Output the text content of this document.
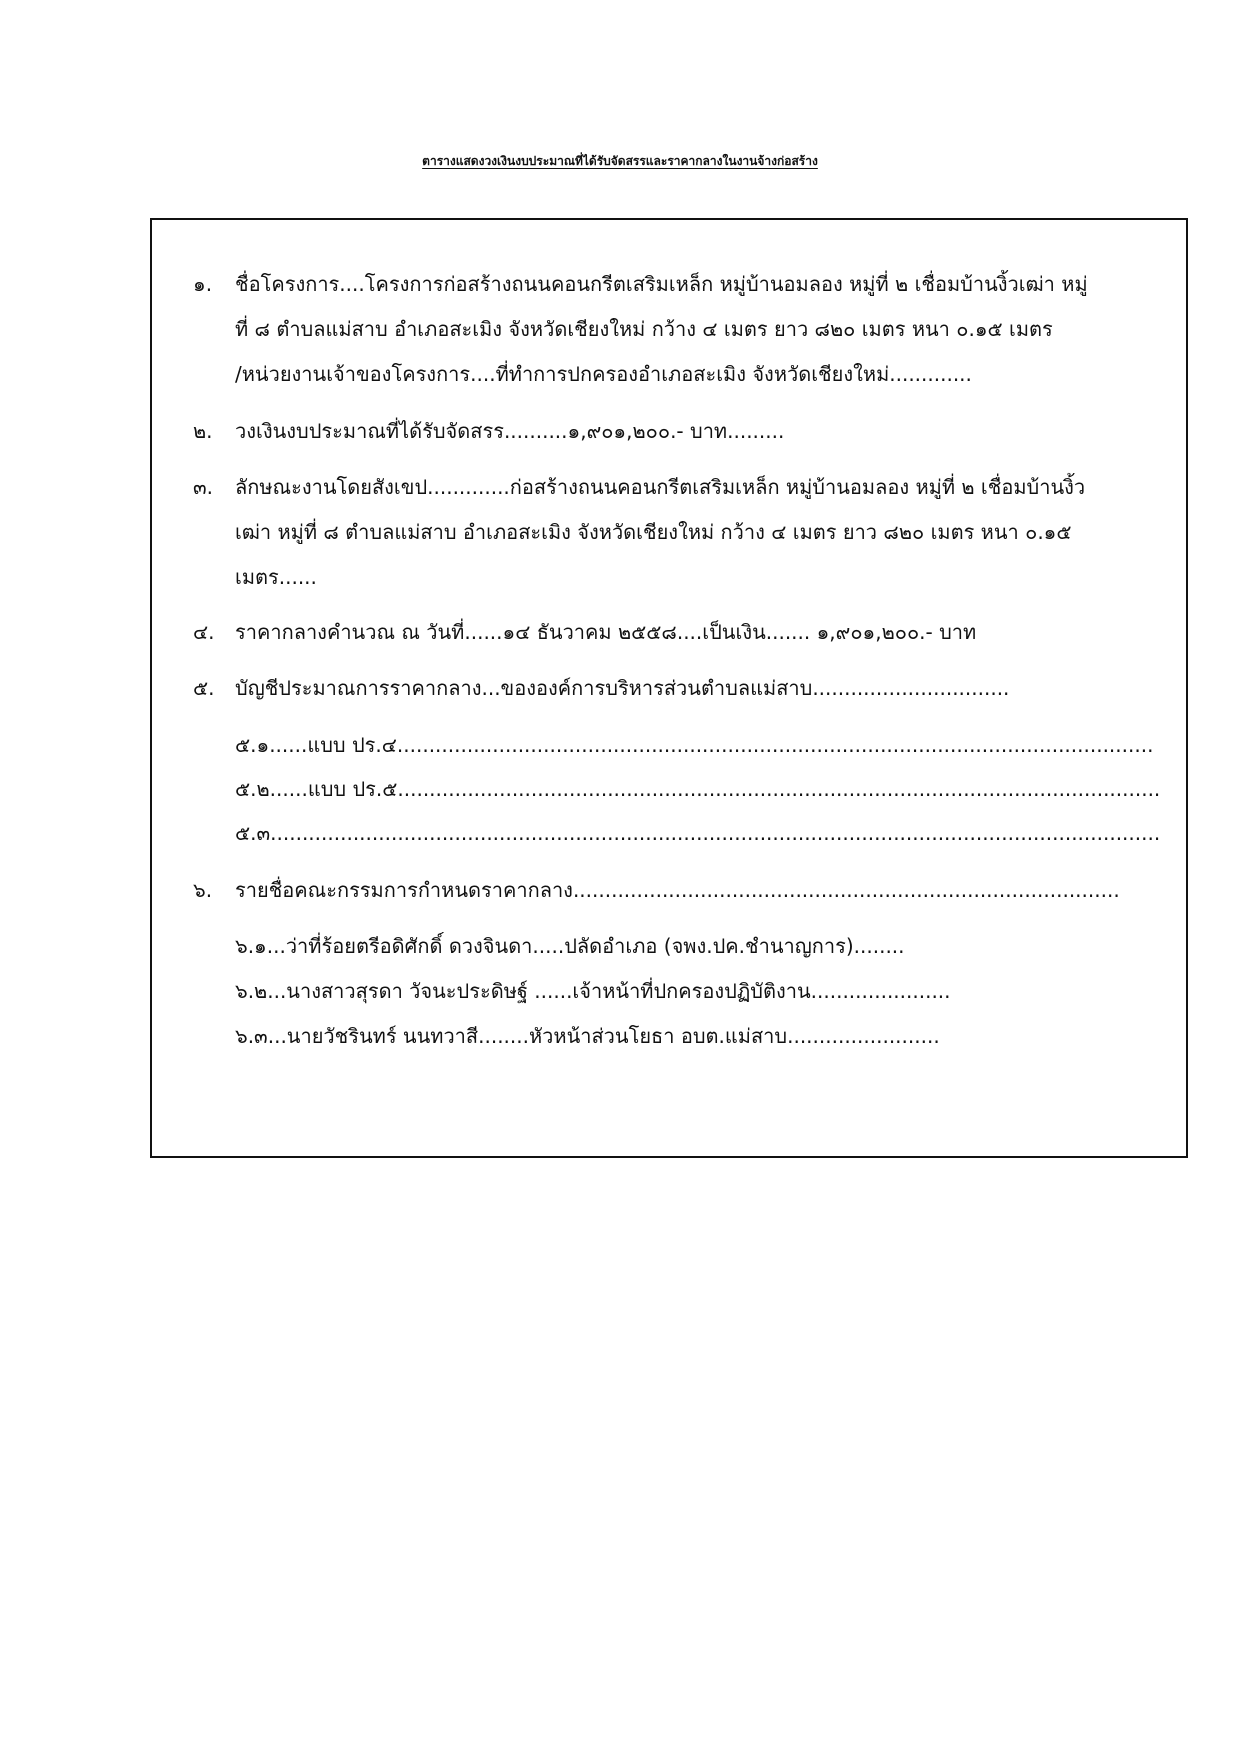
ตารางแสดงวงเงินงบประมาณที่ได้รับจัดสรรและราคากลางในงานจ้างก่อสร้าง
๑. ชื่อโครงการ....โครงการก่อสร้างถนนคอนกรีตเสริมเหล็ก หมู่บ้านอมลอง หมู่ที่ ๒ เชื่อมบ้านงิ้วเฒ่า หมู่
ที่ ๘ ตำบลแม่สาบ อำเภอสะเมิง จังหวัดเชียงใหม่ กว้าง ๔ เมตร ยาว ๘๒๐ เมตร หนา ๐.๑๕ เมตร
/หน่วยงานเจ้าของโครงการ....ที่ทำการปกครองอำเภอสะเมิง จังหวัดเชียงใหม่.............
๒. วงเงินงบประมาณที่ได้รับจัดสรร..........๑,๙๐๑,๒๐๐.- บาท.........
๓. ลักษณะงานโดยสังเขป.............ก่อสร้างถนนคอนกรีตเสริมเหล็ก หมู่บ้านอมลอง หมู่ที่ ๒ เชื่อมบ้านงิ้ว
เฒ่า หมู่ที่ ๘ ตำบลแม่สาบ อำเภอสะเมิง จังหวัดเชียงใหม่ กว้าง ๔ เมตร ยาว ๘๒๐ เมตร หนา ๐.๑๕
เมตร......
๔. ราคากลางคำนวณ ณ วันที่......๑๔ ธันวาคม ๒๕๕๘....เป็นเงิน....... ๑,๙๐๑,๒๐๐.- บาท
๕. บัญชีประมาณการราคากลาง...ขององค์การบริหารส่วนตำบลแม่สาบ...............................
๕.๑......แบบ ปร.๔.......................................................................................................................
๕.๒......แบบ ปร.๕........................................................................................................................
๕.๓............................................................................................................................................
๖. รายชื่อคณะกรรมการกำหนดราคากลาง......................................................................................
๖.๑...ว่าที่ร้อยตรีอดิศักดิ์ ดวงจินดา.....ปลัดอำเภอ (จพง.ปค.ชำนาญการ)........
๖.๒...นางสาวสุรดา วัจนะประดิษฐ์ ......เจ้าหน้าที่ปกครองปฏิบัติงาน......................
๖.๓...นายวัชรินทร์ นนทวาสี........หัวหน้าส่วนโยธา อบต.แม่สาบ........................
